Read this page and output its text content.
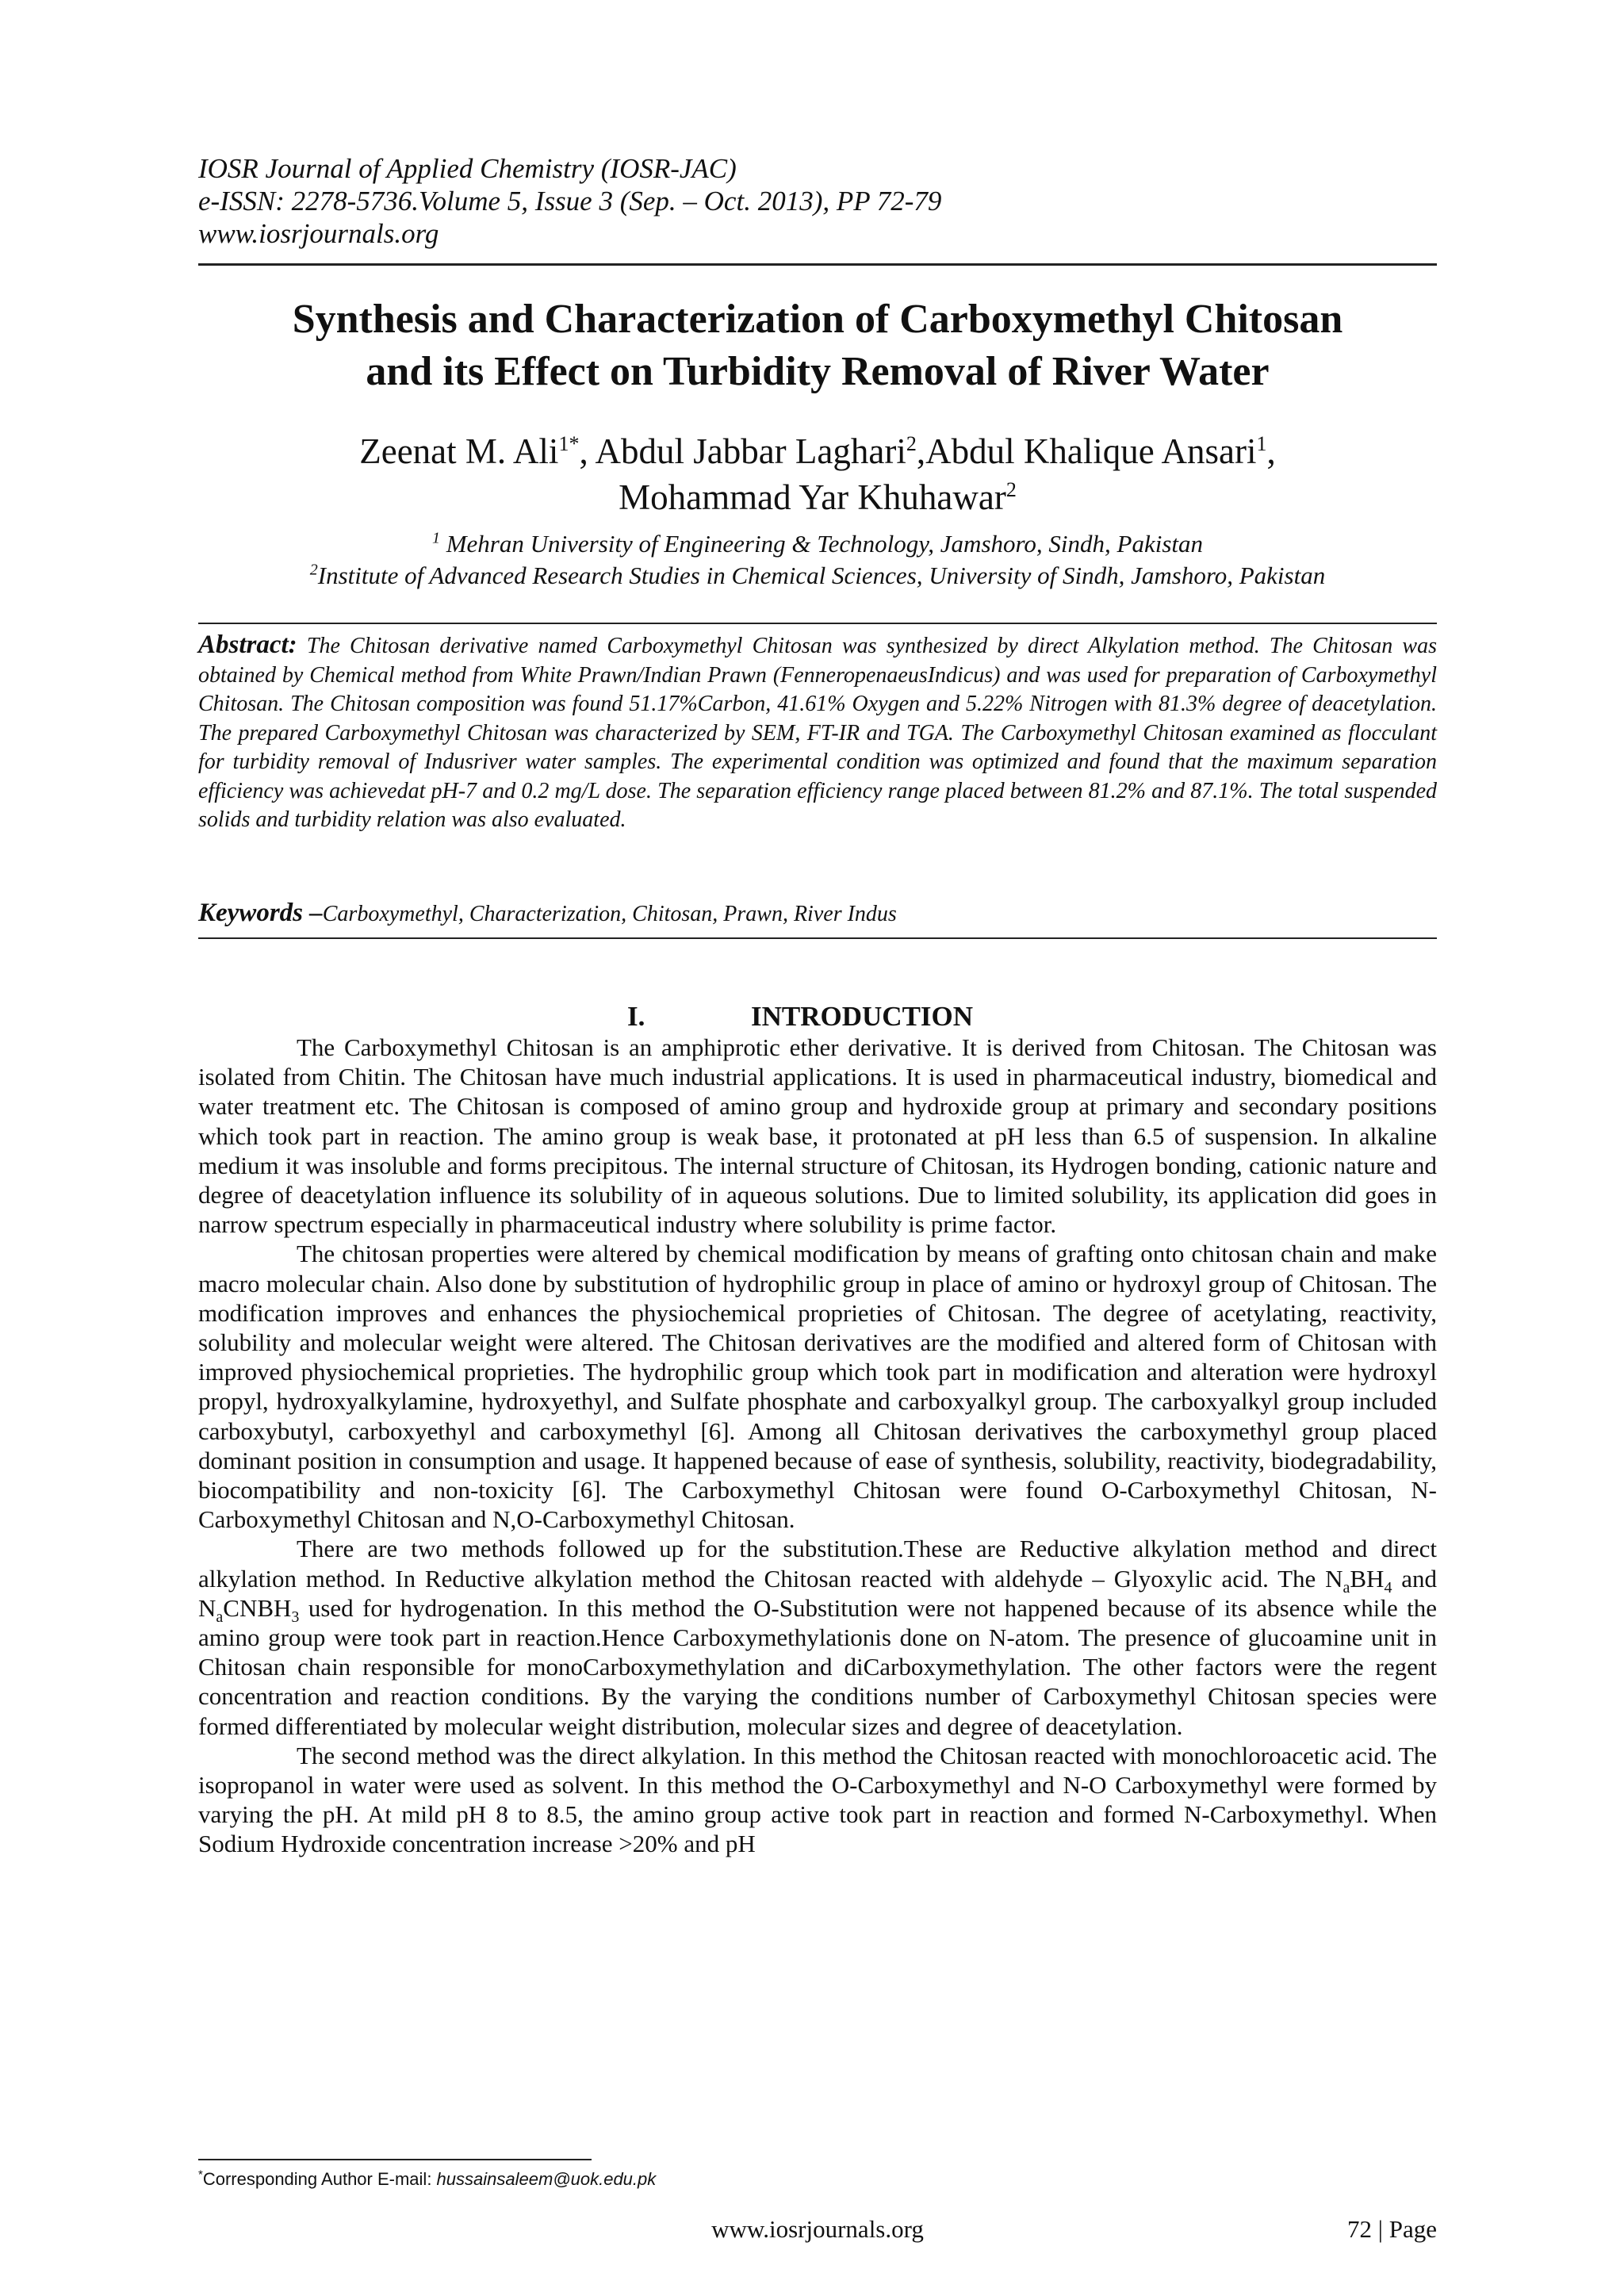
IOSR Journal of Applied Chemistry (IOSR-JAC)
e-ISSN: 2278-5736.Volume 5, Issue 3 (Sep. – Oct. 2013), PP 72-79
www.iosrjournals.org
Synthesis and Characterization of Carboxymethyl Chitosan
and its Effect on Turbidity Removal of River Water
Zeenat M. Ali$^{1*}$, Abdul Jabbar Laghari$^2$,Abdul Khalique Ansari$^1$,
Mohammad Yar Khuhawar$^2$
$^1$ Mehran University of Engineering & Technology, Jamshoro, Sindh, Pakistan
$^2$Institute of Advanced Research Studies in Chemical Sciences, University of Sindh, Jamshoro, Pakistan
Abstract: The Chitosan derivative named Carboxymethyl Chitosan was synthesized by direct Alkylation method. The Chitosan was obtained by Chemical method from White Prawn/Indian Prawn (FenneropenaeusIndicus) and was used for preparation of Carboxymethyl Chitosan. The Chitosan composition was found 51.17%Carbon, 41.61% Oxygen and 5.22% Nitrogen with 81.3% degree of deacetylation. The prepared Carboxymethyl Chitosan was characterized by SEM, FT-IR and TGA. The Carboxymethyl Chitosan examined as flocculant for turbidity removal of Indusriver water samples. The experimental condition was optimized and found that the maximum separation efficiency was achievedat pH-7 and 0.2 mg/L dose. The separation efficiency range placed between 81.2% and 87.1%. The total suspended solids and turbidity relation was also evaluated.
Keywords –Carboxymethyl, Characterization, Chitosan, Prawn, River Indus
I.	INTRODUCTION

The Carboxymethyl Chitosan is an amphiprotic ether derivative. It is derived from Chitosan. The Chitosan was isolated from Chitin. The Chitosan have much industrial applications. It is used in pharmaceutical industry, biomedical and water treatment etc. The Chitosan is composed of amino group and hydroxide group at primary and secondary positions which took part in reaction. The amino group is weak base, it protonated at pH less than 6.5 of suspension. In alkaline medium it was insoluble and forms precipitous. The internal structure of Chitosan, its Hydrogen bonding, cationic nature and degree of deacetylation influence its solubility of in aqueous solutions. Due to limited solubility, its application did goes in narrow spectrum especially in pharmaceutical industry where solubility is prime factor.

The chitosan properties were altered by chemical modification by means of grafting onto chitosan chain and make macro molecular chain. Also done by substitution of hydrophilic group in place of amino or hydroxyl group of Chitosan. The modification improves and enhances the physiochemical proprieties of Chitosan. The degree of acetylating, reactivity, solubility and molecular weight were altered. The Chitosan derivatives are the modified and altered form of Chitosan with improved physiochemical proprieties. The hydrophilic group which took part in modification and alteration were hydroxyl propyl, hydroxyalkylamine, hydroxyethyl, and Sulfate phosphate and carboxyalkyl group. The carboxyalkyl group included carboxybutyl, carboxyethyl and carboxymethyl [6]. Among all Chitosan derivatives the carboxymethyl group placed dominant position in consumption and usage. It happened because of ease of synthesis, solubility, reactivity, biodegradability, biocompatibility and non-toxicity [6]. The Carboxymethyl Chitosan were found O-Carboxymethyl Chitosan, N-Carboxymethyl Chitosan and N,O-Carboxymethyl Chitosan.

There are two methods followed up for the substitution.These are Reductive alkylation method and direct alkylation method. In Reductive alkylation method the Chitosan reacted with aldehyde – Glyoxylic acid. The $N_aBH_4$ and $N_aCNBH_3$ used for hydrogenation. In this method the O-Substitution were not happened because of its absence while the amino group were took part in reaction.Hence Carboxymethylationis done on N-atom. The presence of glucoamine unit in Chitosan chain responsible for monoCarboxymethylation and diCarboxymethylation. The other factors were the regent concentration and reaction conditions. By the varying the conditions number of Carboxymethyl Chitosan species were formed differentiated by molecular weight distribution, molecular sizes and degree of deacetylation.

The second method was the direct alkylation. In this method the Chitosan reacted with monochloroacetic acid. The isopropanol in water were used as solvent. In this method the O-Carboxymethyl and N-O Carboxymethyl were formed by varying the pH. At mild pH 8 to 8.5, the amino group active took part in reaction and formed N-Carboxymethyl. When Sodium Hydroxide concentration increase >20% and pH

*Corresponding Author E-mail: hussainsaleem@uok.edu.pk
www.iosrjournals.org	72 | Page
